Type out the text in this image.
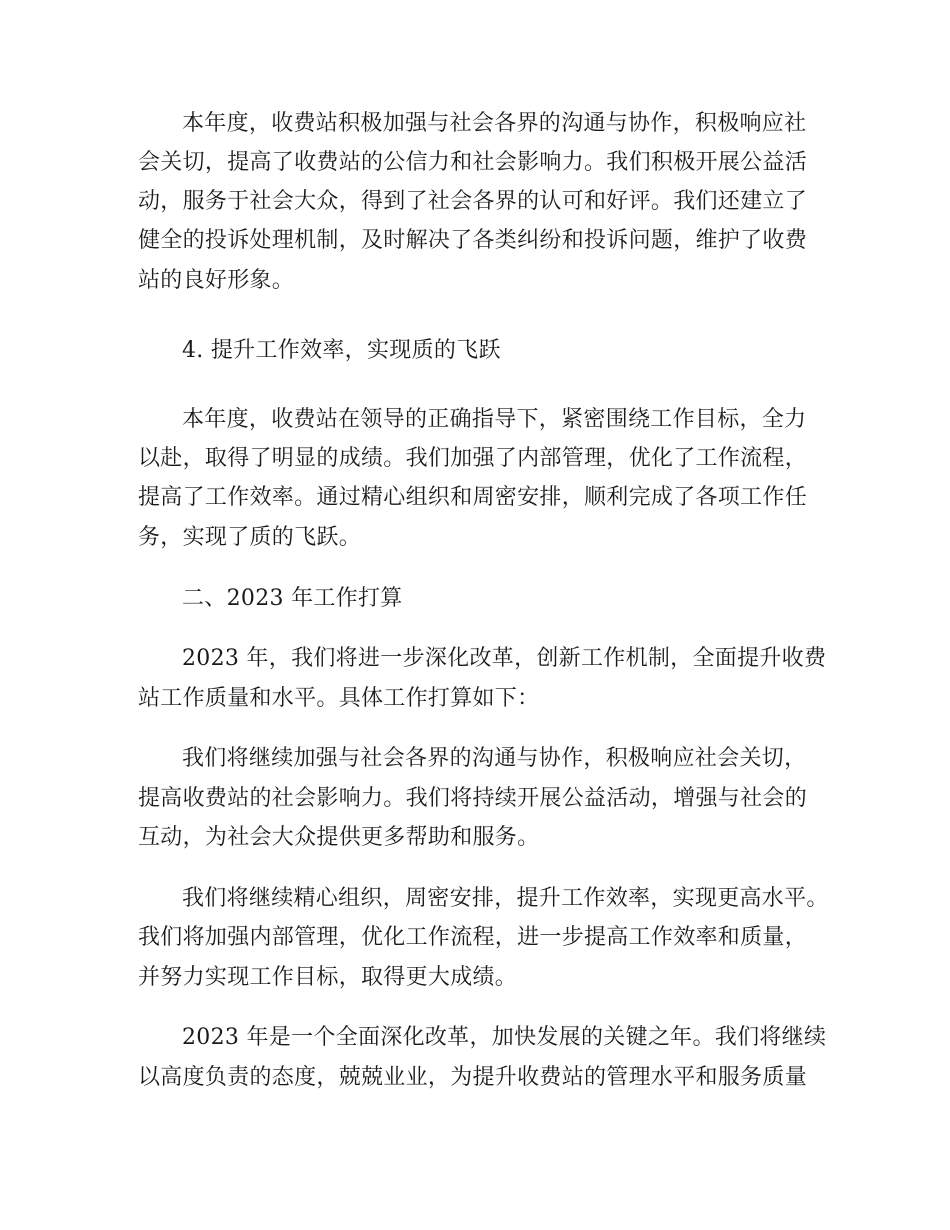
本年度，收费站积极加强与社会各界的沟通与协作，积极响应社
会关切，提高了收费站的公信力和社会影响力。我们积极开展公益活
动，服务于社会大众，得到了社会各界的认可和好评。我们还建立了
健全的投诉处理机制，及时解决了各类纠纷和投诉问题，维护了收费
站的良好形象。
4. 提升工作效率，实现质的飞跃
本年度，收费站在领导的正确指导下，紧密围绕工作目标，全力
以赴，取得了明显的成绩。我们加强了内部管理，优化了工作流程，
提高了工作效率。通过精心组织和周密安排，顺利完成了各项工作任
务，实现了质的飞跃。
二、2023 年工作打算
2023 年，我们将进一步深化改革，创新工作机制，全面提升收费
站工作质量和水平。具体工作打算如下：
我们将继续加强与社会各界的沟通与协作，积极响应社会关切，
提高收费站的社会影响力。我们将持续开展公益活动，增强与社会的
互动，为社会大众提供更多帮助和服务。
我们将继续精心组织，周密安排，提升工作效率，实现更高水平。
我们将加强内部管理，优化工作流程，进一步提高工作效率和质量，
并努力实现工作目标，取得更大成绩。
2023 年是一个全面深化改革，加快发展的关键之年。我们将继续
以高度负责的态度，兢兢业业，为提升收费站的管理水平和服务质量
